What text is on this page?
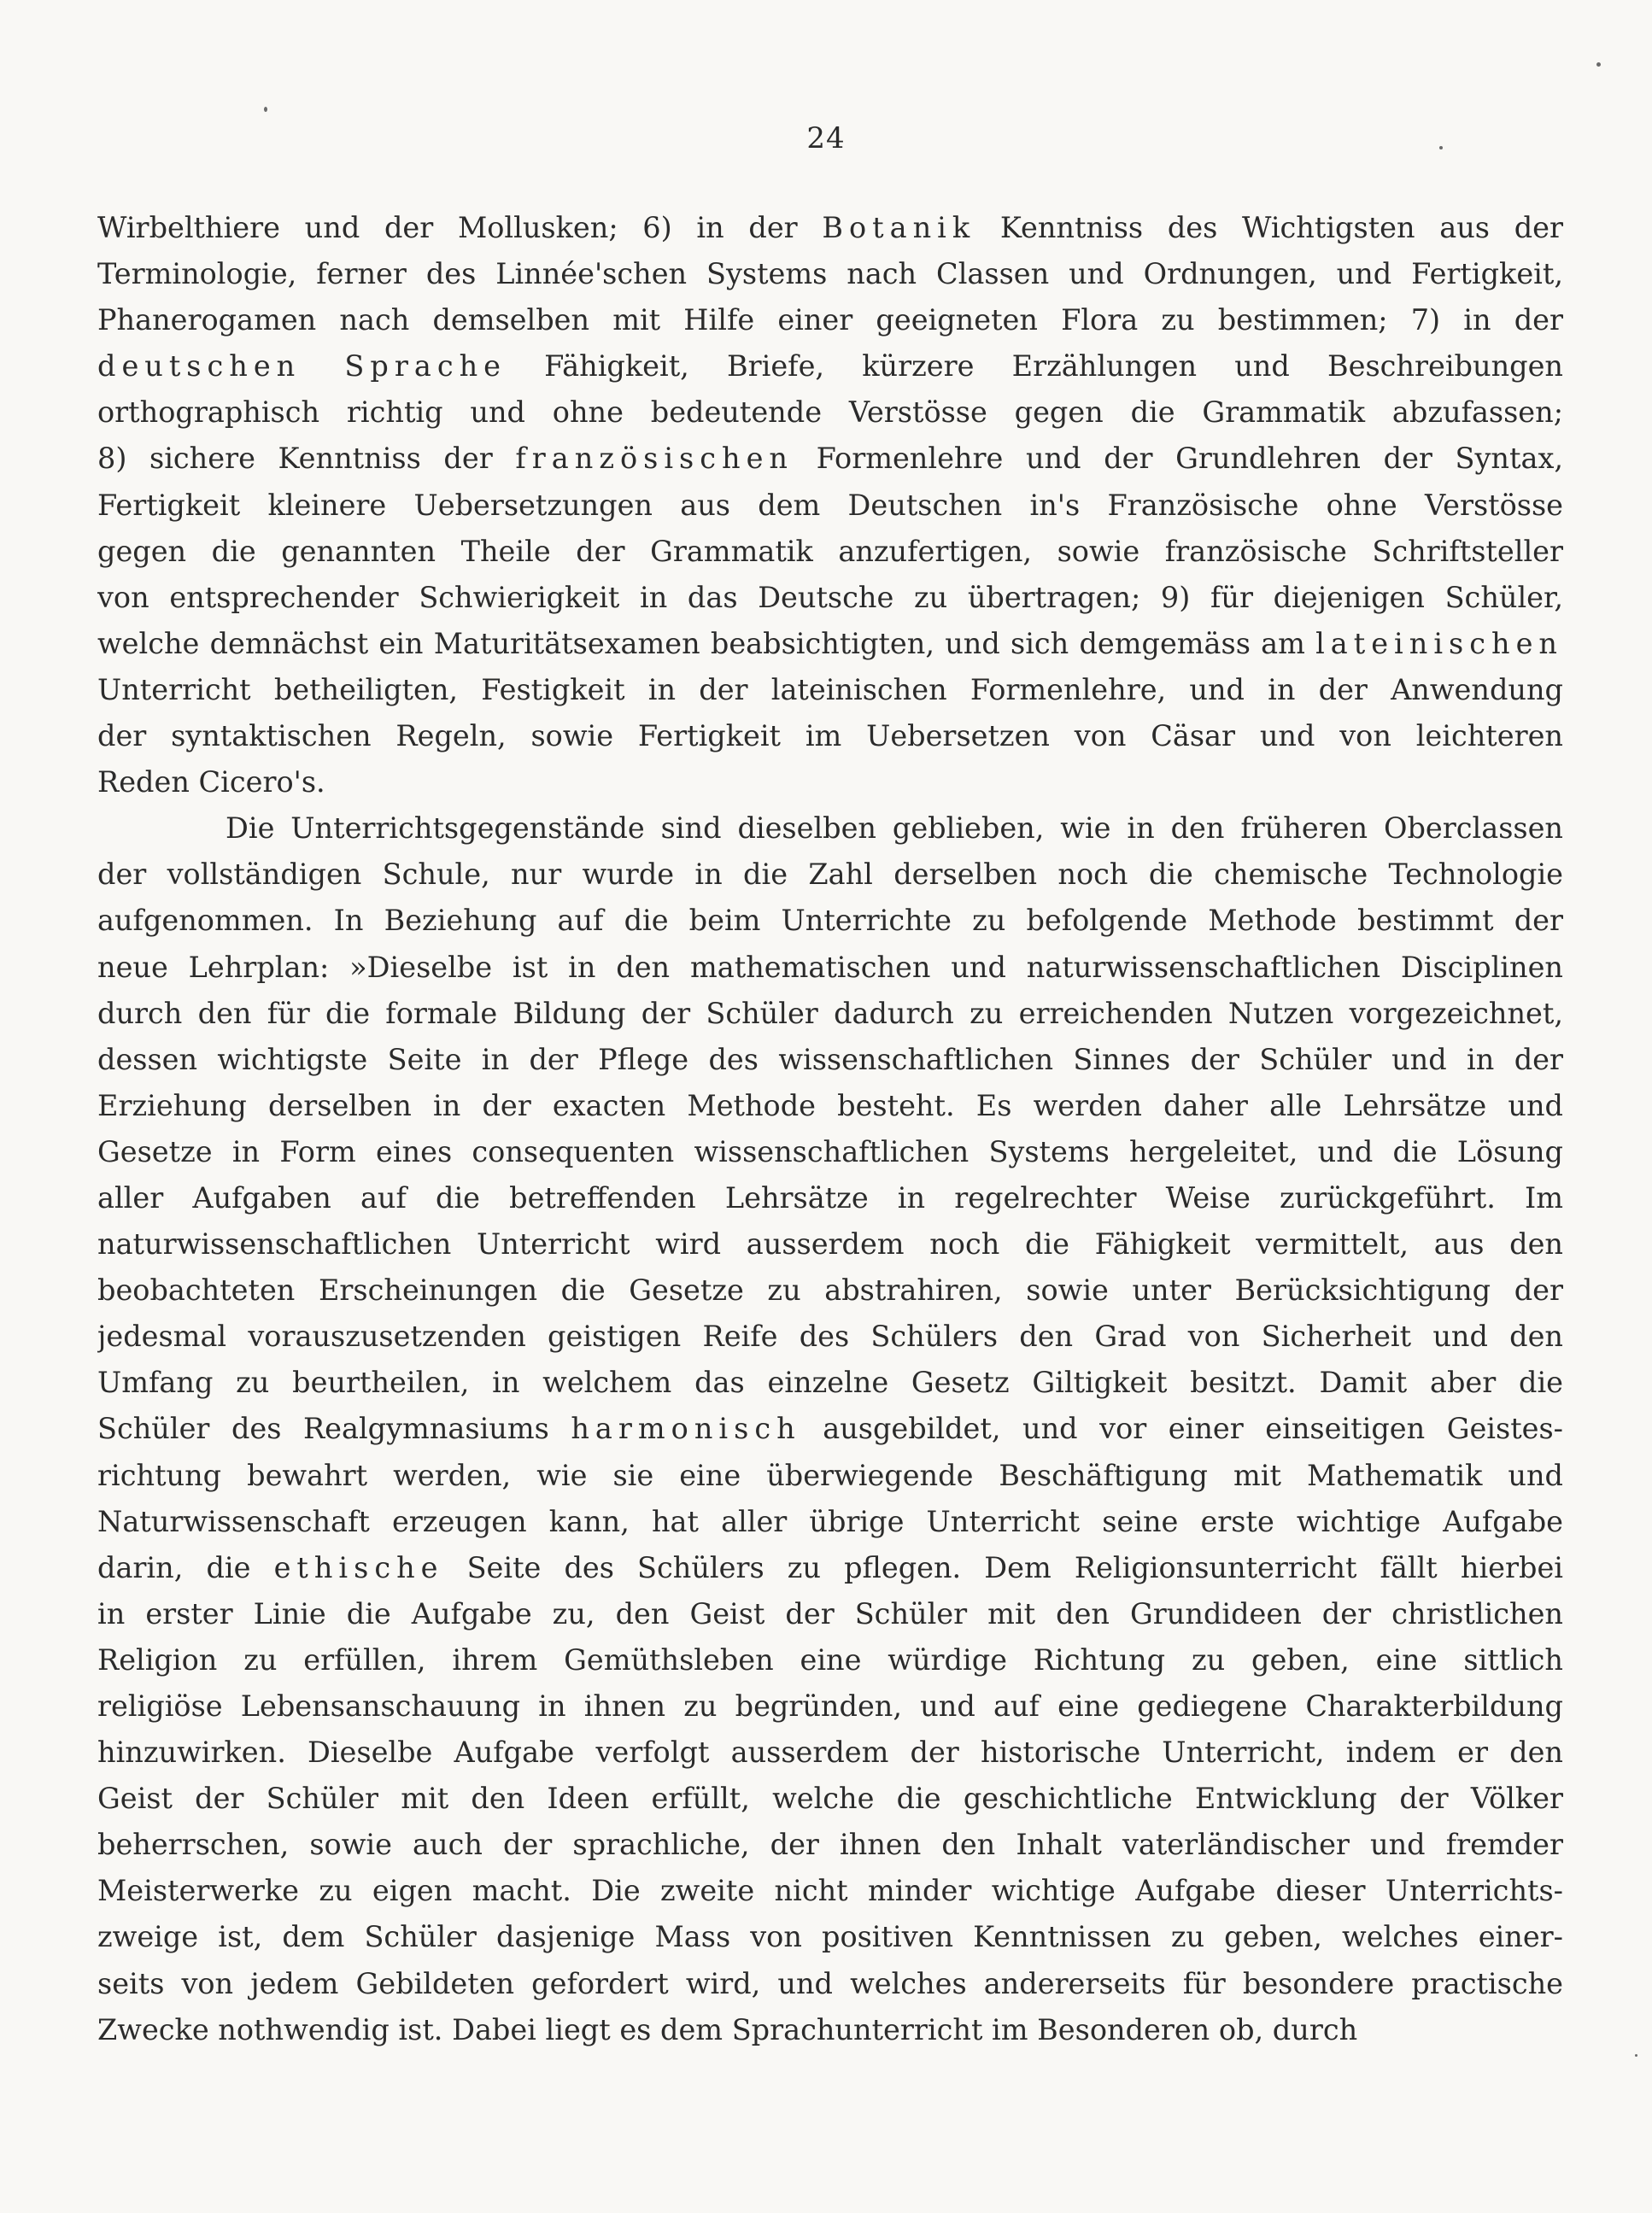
24
Wirbelthiere und der Mollusken; 6) in der Botanik Kenntniss des Wichtigsten aus der
Terminologie, ferner des Linnée'schen Systems nach Classen und Ordnungen, und Fertigkeit,
Phanerogamen nach demselben mit Hilfe einer geeigneten Flora zu bestimmen; 7) in der
deutschen Sprache Fähigkeit, Briefe, kürzere Erzählungen und Beschreibungen
orthographisch richtig und ohne bedeutende Verstösse gegen die Grammatik abzufassen;
8) sichere Kenntniss der französischen Formenlehre und der Grundlehren der Syntax,
Fertigkeit kleinere Uebersetzungen aus dem Deutschen in's Französische ohne Verstösse
gegen die genannten Theile der Grammatik anzufertigen, sowie französische Schriftsteller
von entsprechender Schwierigkeit in das Deutsche zu übertragen; 9) für diejenigen Schüler,
welche demnächst ein Maturitätsexamen beabsichtigten, und sich demgemäss am lateinischen
Unterricht betheiligten, Festigkeit in der lateinischen Formenlehre, und in der Anwendung
der syntaktischen Regeln, sowie Fertigkeit im Uebersetzen von Cäsar und von leichteren
Reden Cicero's.
Die Unterrichtsgegenstände sind dieselben geblieben, wie in den früheren Oberclassen
der vollständigen Schule, nur wurde in die Zahl derselben noch die chemische Technologie
aufgenommen. In Beziehung auf die beim Unterrichte zu befolgende Methode bestimmt der
neue Lehrplan: »Dieselbe ist in den mathematischen und naturwissenschaftlichen Disciplinen
durch den für die formale Bildung der Schüler dadurch zu erreichenden Nutzen vorgezeichnet,
dessen wichtigste Seite in der Pflege des wissenschaftlichen Sinnes der Schüler und in der
Erziehung derselben in der exacten Methode besteht. Es werden daher alle Lehrsätze und
Gesetze in Form eines consequenten wissenschaftlichen Systems hergeleitet, und die Lösung
aller Aufgaben auf die betreffenden Lehrsätze in regelrechter Weise zurückgeführt. Im
naturwissenschaftlichen Unterricht wird ausserdem noch die Fähigkeit vermittelt, aus den
beobachteten Erscheinungen die Gesetze zu abstrahiren, sowie unter Berücksichtigung der
jedesmal vorauszusetzenden geistigen Reife des Schülers den Grad von Sicherheit und den
Umfang zu beurtheilen, in welchem das einzelne Gesetz Giltigkeit besitzt. Damit aber die
Schüler des Realgymnasiums harmonisch ausgebildet, und vor einer einseitigen Geistes-
richtung bewahrt werden, wie sie eine überwiegende Beschäftigung mit Mathematik und
Naturwissenschaft erzeugen kann, hat aller übrige Unterricht seine erste wichtige Aufgabe
darin, die ethische Seite des Schülers zu pflegen. Dem Religionsunterricht fällt hierbei
in erster Linie die Aufgabe zu, den Geist der Schüler mit den Grundideen der christlichen
Religion zu erfüllen, ihrem Gemüthsleben eine würdige Richtung zu geben, eine sittlich
religiöse Lebensanschauung in ihnen zu begründen, und auf eine gediegene Charakterbildung
hinzuwirken. Dieselbe Aufgabe verfolgt ausserdem der historische Unterricht, indem er den
Geist der Schüler mit den Ideen erfüllt, welche die geschichtliche Entwicklung der Völker
beherrschen, sowie auch der sprachliche, der ihnen den Inhalt vaterländischer und fremder
Meisterwerke zu eigen macht. Die zweite nicht minder wichtige Aufgabe dieser Unterrichts-
zweige ist, dem Schüler dasjenige Mass von positiven Kenntnissen zu geben, welches einer-
seits von jedem Gebildeten gefordert wird, und welches andererseits für besondere practische
Zwecke nothwendig ist. Dabei liegt es dem Sprachunterricht im Besonderen ob, durch
